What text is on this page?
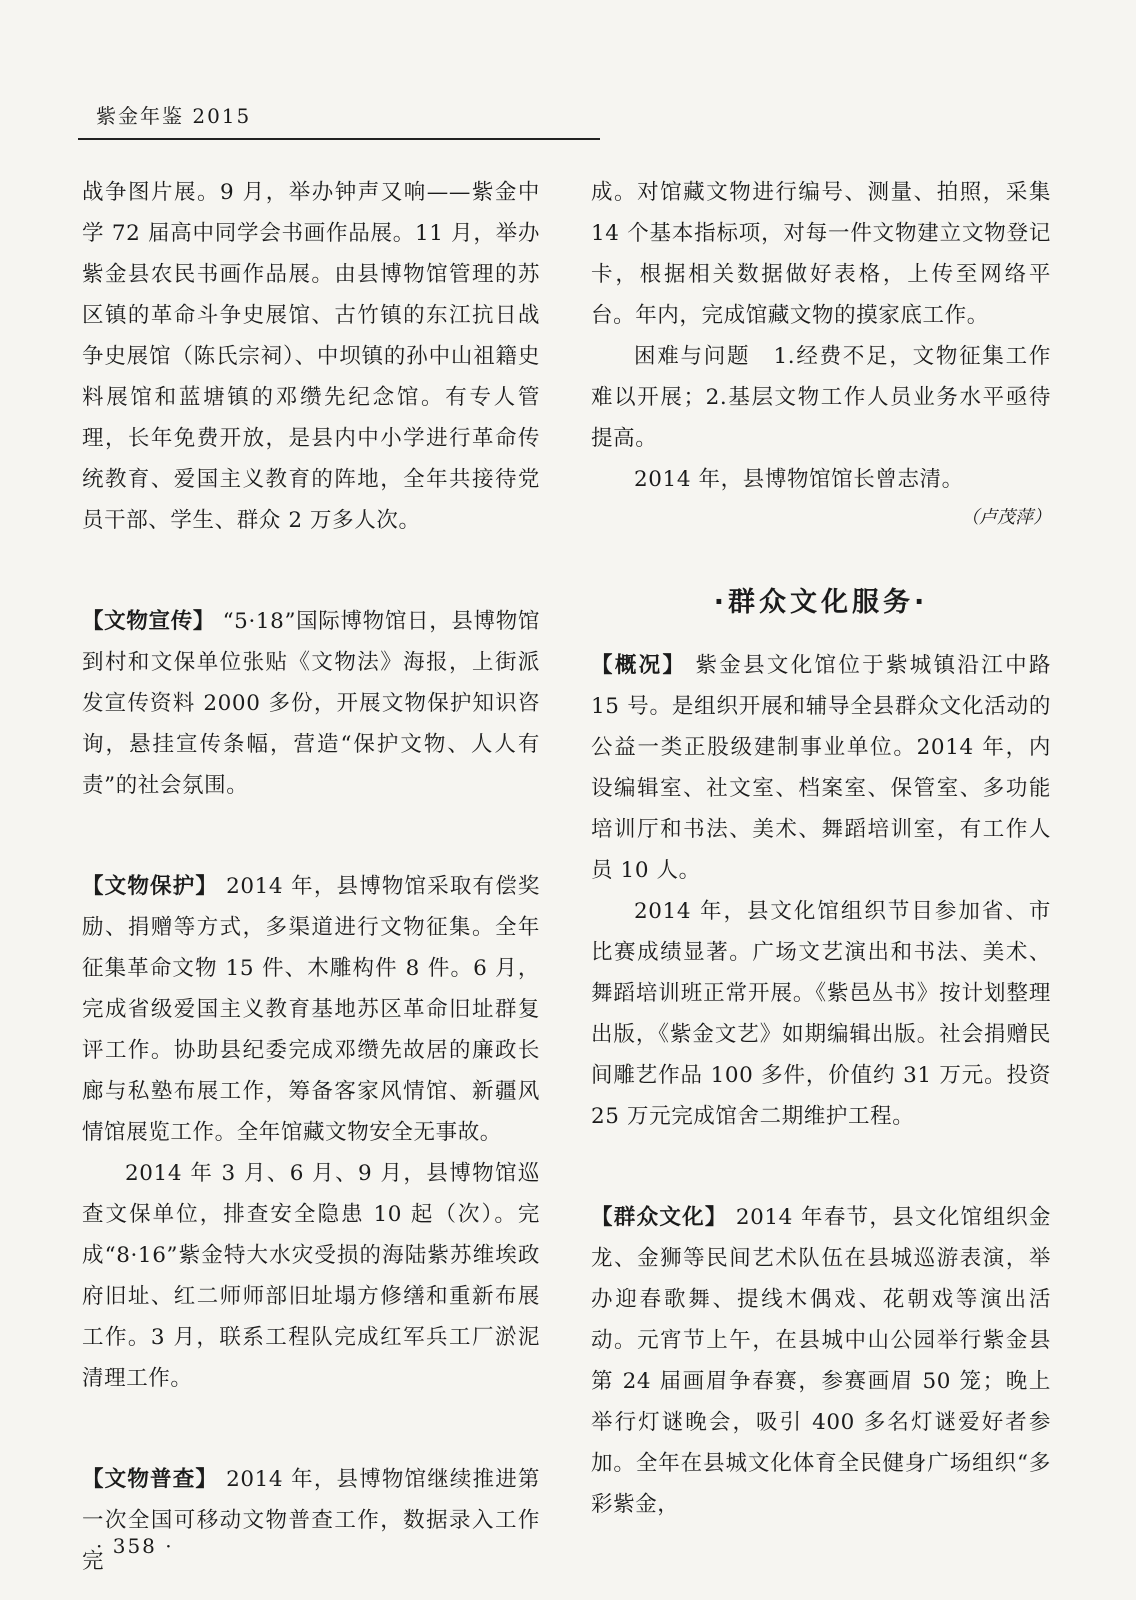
紫金年鉴 2015

战争图片展。9 月，举办钟声又响——紫金中学 72 届高中同学会书画作品展。11 月，举办紫金县农民书画作品展。由县博物馆管理的苏区镇的革命斗争史展馆、古竹镇的东江抗日战争史展馆（陈氏宗祠）、中坝镇的孙中山祖籍史料展馆和蓝塘镇的邓缵先纪念馆。有专人管理，长年免费开放，是县内中小学进行革命传统教育、爱国主义教育的阵地，全年共接待党员干部、学生、群众 2 万多人次。

【文物宣传】 “5·18”国际博物馆日，县博物馆到村和文保单位张贴《文物法》海报，上街派发宣传资料 2000 多份，开展文物保护知识咨询，悬挂宣传条幅，营造“保护文物、人人有责”的社会氛围。

【文物保护】 2014 年，县博物馆采取有偿奖励、捐赠等方式，多渠道进行文物征集。全年征集革命文物 15 件、木雕构件 8 件。6 月，完成省级爱国主义教育基地苏区革命旧址群复评工作。协助县纪委完成邓缵先故居的廉政长廊与私塾布展工作，筹备客家风情馆、新疆风情馆展览工作。全年馆藏文物安全无事故。

2014 年 3 月、6 月、9 月，县博物馆巡查文保单位，排查安全隐患 10 起（次）。完成“8·16”紫金特大水灾受损的海陆紫苏维埃政府旧址、红二师师部旧址塌方修缮和重新布展工作。3 月，联系工程队完成红军兵工厂淤泥清理工作。

【文物普查】 2014 年，县博物馆继续推进第一次全国可移动文物普查工作，数据录入工作完

成。对馆藏文物进行编号、测量、拍照，采集 14 个基本指标项，对每一件文物建立文物登记卡，根据相关数据做好表格，上传至网络平台。年内，完成馆藏文物的摸家底工作。

困难与问题　 1.经费不足，文物征集工作难以开展；2.基层文物工作人员业务水平亟待提高。

2014 年，县博物馆馆长曾志清。

（卢茂萍）
·群众文化服务·

【概况】 紫金县文化馆位于紫城镇沿江中路 15 号。是组织开展和辅导全县群众文化活动的公益一类正股级建制事业单位。2014 年，内设编辑室、社文室、档案室、保管室、多功能培训厅和书法、美术、舞蹈培训室，有工作人员 10 人。

2014 年，县文化馆组织节目参加省、市比赛成绩显著。广场文艺演出和书法、美术、舞蹈培训班正常开展。《紫邑丛书》按计划整理出版，《紫金文艺》如期编辑出版。社会捐赠民间雕艺作品 100 多件，价值约 31 万元。投资 25 万元完成馆舍二期维护工程。

【群众文化】 2014 年春节，县文化馆组织金龙、金狮等民间艺术队伍在县城巡游表演，举办迎春歌舞、提线木偶戏、花朝戏等演出活动。元宵节上午，在县城中山公园举行紫金县第 24 届画眉争春赛，参赛画眉 50 笼；晚上举行灯谜晚会，吸引 400 多名灯谜爱好者参加。全年在县城文化体育全民健身广场组织“多彩紫金，

· 358 ·
